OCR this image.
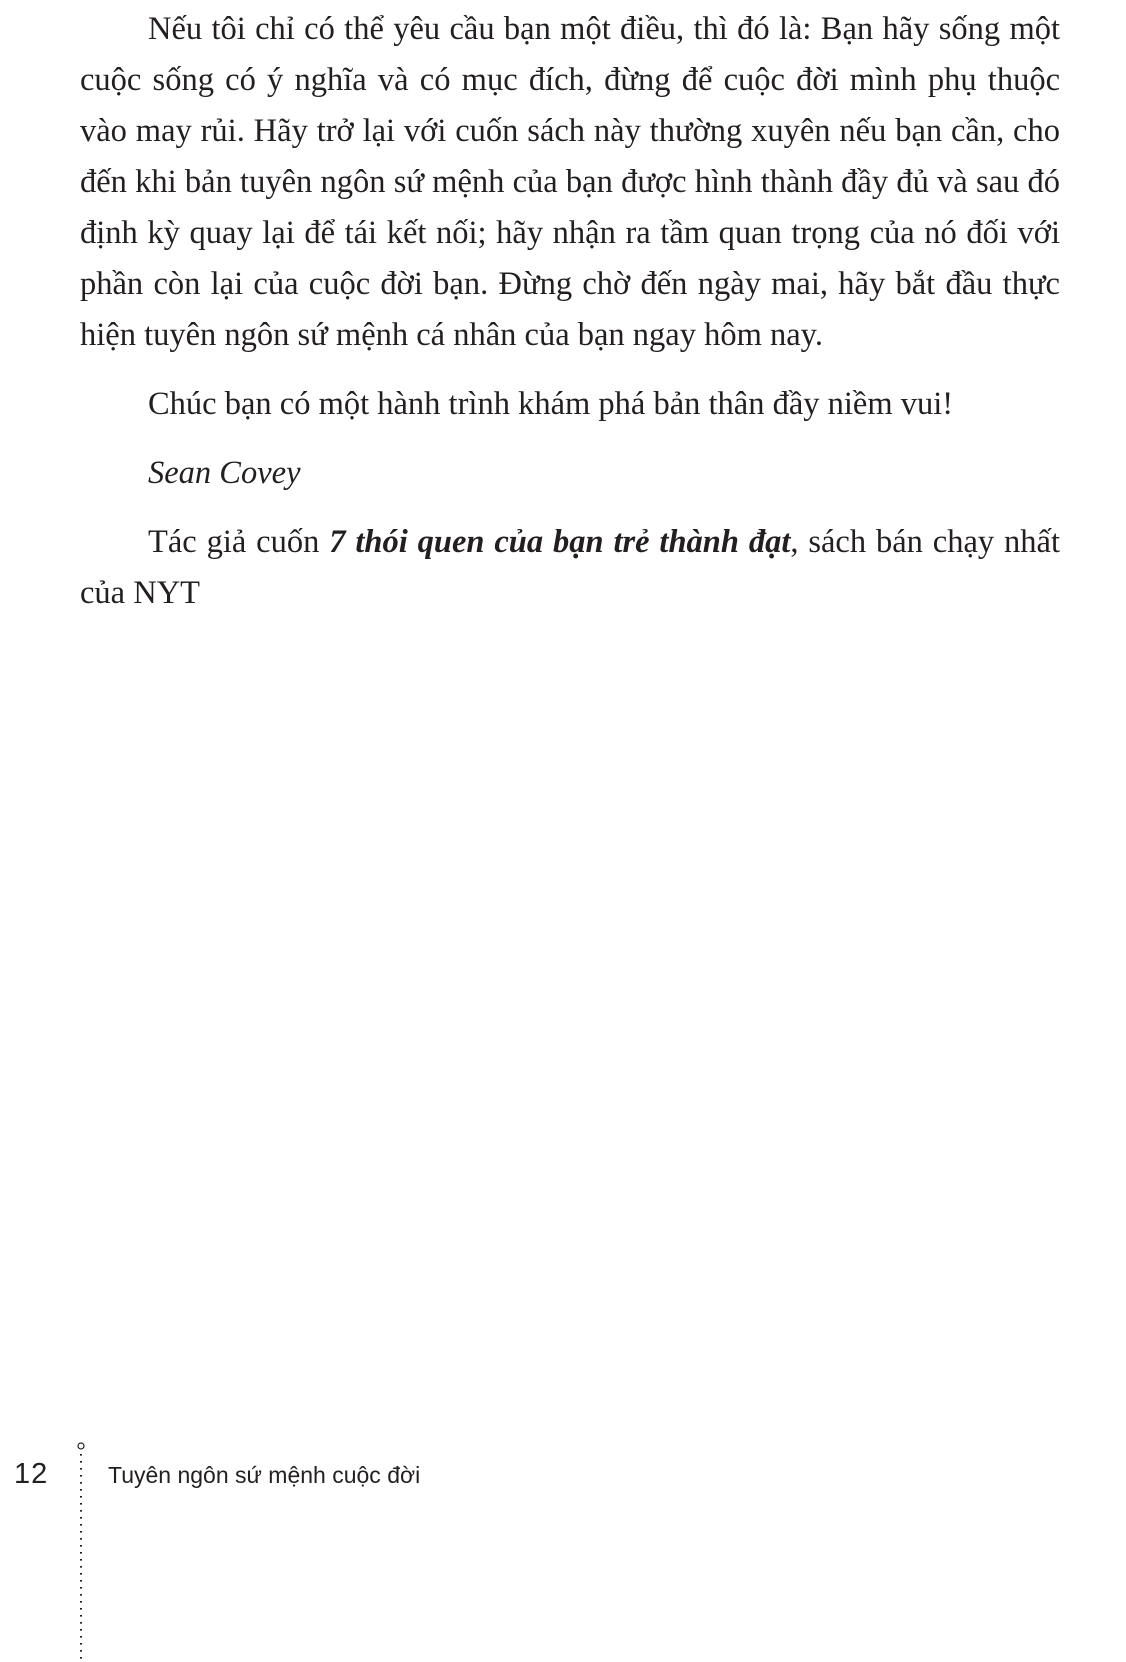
Nếu tôi chỉ có thể yêu cầu bạn một điều, thì đó là: Bạn hãy sống một cuộc sống có ý nghĩa và có mục đích, đừng để cuộc đời mình phụ thuộc vào may rủi. Hãy trở lại với cuốn sách này thường xuyên nếu bạn cần, cho đến khi bản tuyên ngôn sứ mệnh của bạn được hình thành đầy đủ và sau đó định kỳ quay lại để tái kết nối; hãy nhận ra tầm quan trọng của nó đối với phần còn lại của cuộc đời bạn. Đừng chờ đến ngày mai, hãy bắt đầu thực hiện tuyên ngôn sứ mệnh cá nhân của bạn ngay hôm nay.

Chúc bạn có một hành trình khám phá bản thân đầy niềm vui!

Sean Covey

Tác giả cuốn 7 thói quen của bạn trẻ thành đạt, sách bán chạy nhất của NYT

12	Tuyên ngôn sứ mệnh cuộc đời
